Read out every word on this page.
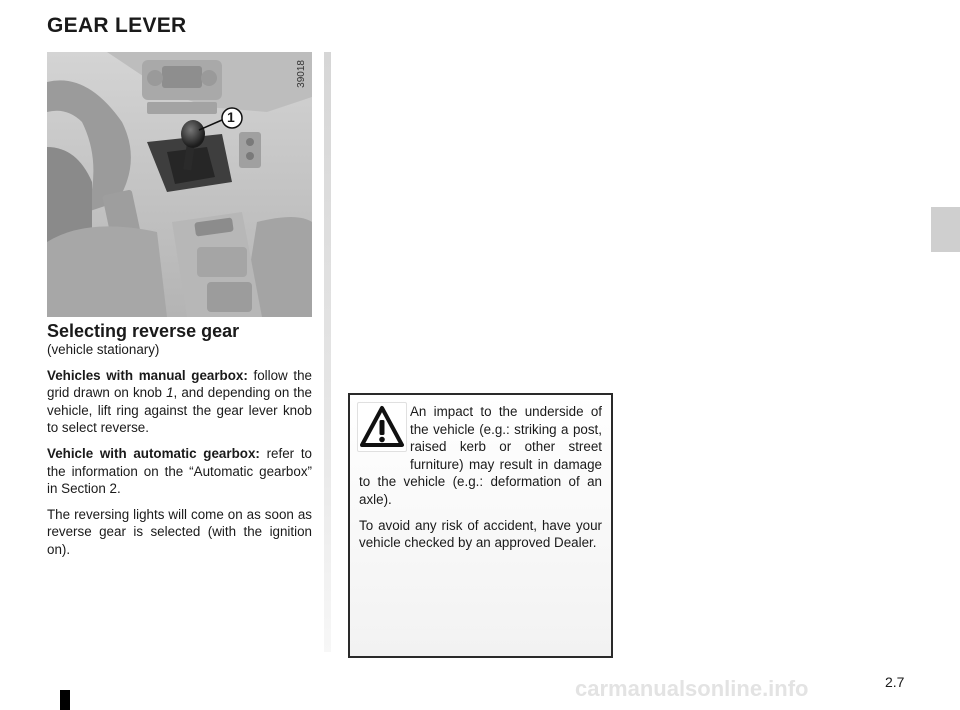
GEAR LEVER
1
39018
Selecting reverse gear
(vehicle stationary)

Vehicles with manual gearbox: follow the grid drawn on knob 1, and depending on the vehicle, lift ring against the gear lever knob to select reverse.

Vehicle with automatic gearbox: refer to the information on the “Automatic gearbox” in Section 2.

The reversing lights will come on as soon as reverse gear is selected (with the ignition on).

An impact to the underside of the vehicle (e.g.: striking a post, raised kerb or other street furniture) may result in damage to the vehicle (e.g.: deformation of an axle).

To avoid any risk of accident, have your vehicle checked by an approved Dealer.

2.7
carmanualsonline.info
